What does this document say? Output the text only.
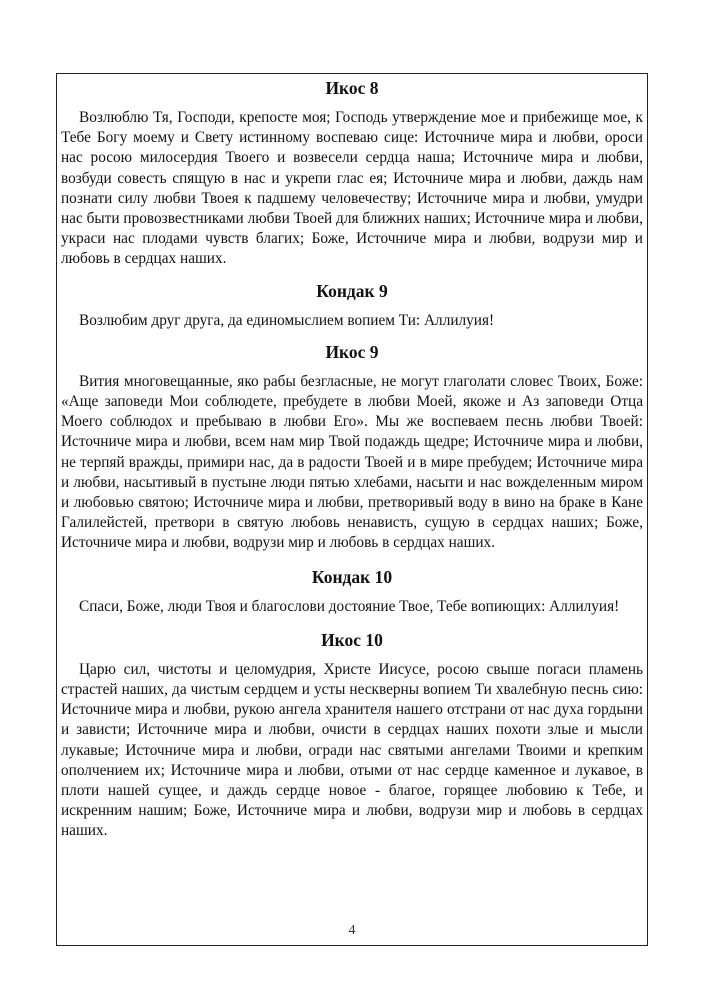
Икос 8

Возлюблю Тя, Господи, крепосте моя; Господь утверждение мое и прибежище мое, к Тебе Богу моему и Свету истинному воспеваю сице: Источниче мира и любви, ороси нас росою милосердия Твоего и возвесели сердца наша; Источниче мира и любви, возбуди совесть спящую в нас и укрепи глас ея; Источниче мира и любви, даждь нам познати силу любви Твоея к падшему человечеству; Источниче мира и любви, умудри нас быти провозвестниками любви Твоей для ближних наших; Источниче мира и любви, украси нас плодами чувств благих; Боже, Источниче мира и любви, водрузи мир и любовь в сердцах наших.

Кондак 9

Возлюбим друг друга, да единомыслием вопием Ти: Аллилуия!

Икос 9

Вития многовещанные, яко рабы безгласные, не могут глаголати словес Твоих, Боже: «Аще заповеди Мои соблюдете, пребудете в любви Моей, якоже и Аз заповеди Отца Моего соблюдох и пребываю в любви Его». Мы же воспеваем песнь любви Твоей: Источниче мира и любви, всем нам мир Твой подаждь щедре; Источниче мира и любви, не терпяй вражды, примири нас, да в радости Твоей и в мире пребудем; Источниче мира и любви, насытивый в пустыне люди пятью хлебами, насыти и нас вожделенным миром и любовью святою; Источниче мира и любви, претворивый воду в вино на браке в Кане Галилейстей, претвори в святую любовь ненависть, сущую в сердцах наших; Боже, Источниче мира и любви, водрузи мир и любовь в сердцах наших.

Кондак 10

Спаси, Боже, люди Твоя и благослови достояние Твое, Тебе вопиющих: Аллилуия!

Икос 10

Царю сил, чистоты и целомудрия, Христе Иисусе, росою свыше погаси пламень страстей наших, да чистым сердцем и усты нескверны вопием Ти хвалебную песнь сию: Источниче мира и любви, рукою ангела хранителя нашего отстрани от нас духа гордыни и зависти; Источниче мира и любви, очисти в сердцах наших похоти злые и мысли лукавые; Источниче мира и любви, огради нас святыми ангелами Твоими и крепким ополчением их; Источниче мира и любви, отыми от нас сердце каменное и лукавое, в плоти нашей сущее, и даждь сердце новое - благое, горящее любовию к Тебе, и искренним нашим; Боже, Источниче мира и любви, водрузи мир и любовь в сердцах наших.

4
